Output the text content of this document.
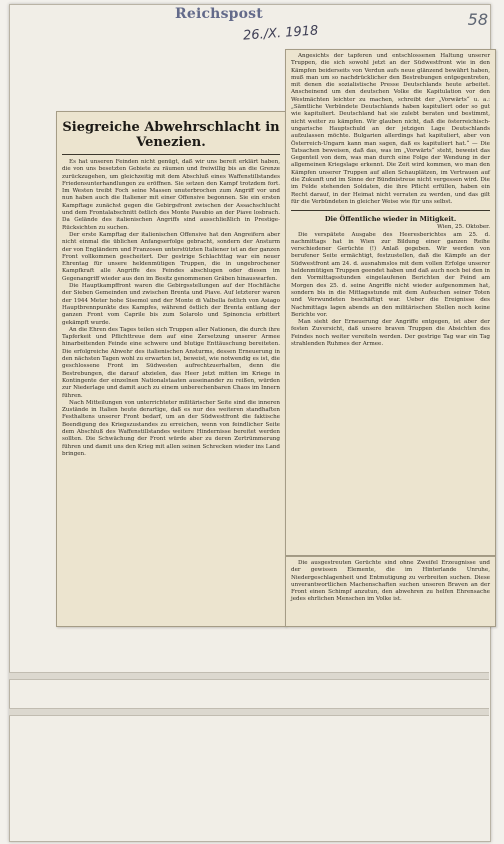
Reichspost
26./X. 1918
58
Siegreiche Abwehrschlacht in Venezien.

Es hat unseren Feinden nicht genügt, daß wir uns bereit erklärt haben, die von uns besetzten Gebiete zu räumen und freiwillig bis an die Grenze zurückzugehen, um gleichzeitig mit dem Abschluß eines Waffenstillstandes Friedensunterhandlungen zu eröffnen. Sie setzen den Kampf trotzdem fort. Im Westen treibt Foch seine Massen unuterbrochen zum Angriff vor und nun haben auch die Italiener mit einer Offensive begonnen. Sie ein ersten Kampftage zunächst gegen die Gebirgsfront zwischen der Assachschlucht und dem Frontalabschnitt östlich des Monte Pasubio an der Piave losbrach. Da Gelände des italienischen Angriffs sind ausschließlich in Prestige-Rücksichten zu suchen.

Der erste Kampftag der italienischen Offensive hat den Angreifern aber nicht einmal die üblichen Anfangserfolge gebracht, sondern der Ansturm der von Engländern und Franzosen unterstützten Italiener ist an der ganzen Front vollkommen gescheitert. Der gestrige Schlachttag war ein neuer Ehrentag für unsere heldenmütigen Truppen, die in ungebrochener Kampfkraft alle Angriffe des Feindes abschlugen oder diesen im Gegenangriff wieder aus den im Besitz genommenen Gräben hinauswarfen.

Die Hauptkampffront waren die Gebirgsstellungen auf der Hochfläche der Sieben Gemeinden und zwischen Brenta und Piave. Auf letzterer waren der 1944 Meter hohe Sisemol und der Monte di Valbella östlich von Asiago Hauptbrennpunkte des Kampfes, während östlich der Brenta entlang der ganzen Front vom Caprile bis zum Solarolo und Spinoncia erbittert gekämpft wurde.

An die Ehren des Tages teilen sich Truppen aller Nationen, die durch ihre Tapferkeit und Pflichttreue dem auf eine Zersetzung unserer Armee hinarbeitenden Feinde eine schwere und blutige Enttäuschung bereiteten. Die erfolgreiche Abwehr des italienischen Ansturms, dessen Erneuerung in den nächsten Tagen wohl zu erwarten ist, beweist, wie notwendig es ist, die geschlossene Front im Südwesten aufrechtzuerhalten, denn die Bestrebungen, die darauf abzielen, das Heer jetzt mitten im Kriege in Kontingente der einzelnen Nationalstaaten auseinander zu reißen, würden zur Niederlage und damit auch zu einem unberechenbaren Chaos im Innern führen.

Nach Mitteilungen von unterrichteter militärischer Seite sind die inneren Zustände in Italien heute derartige, daß es nur des weiteren standhaften Festhaltens unserer Front bedarf, um an der Südwestfront die faktische Beendigung des Kriegszustandes zu erreichen, wenn von feindlicher Seite dem Abschluß des Waffenstillstandes weitere Hindernisse bereitet werden sollten. Die Schwächung der Front würde aber zu deren Zertrümmerung führen und damit uns den Krieg mit allen seinen Schrecken wieder ins Land bringen.

Angesichts der tapferen und entschlossenen Haltung unserer Truppen, die sich sowohl jetzt an der Südwestfront wie in den Kämpfen beiderseits von Verdun aufs neue glänzend bewährt haben, muß man um so nachdrücklicher den Bestrebungen entgegentreten, mit denen die sozialistische Presse Deutschlands heute arbeitet. Anscheinend um den deutschen Volke die Kapitulation vor den Westmächten leichter zu machen, schreibt der „Vorwärts“ u. a.: „Sämtliche Verbündete Deutschlands haben kapituliert oder so gut wie kapituliert. Deutschland hat sie zulebt beraten und bestimmt, nicht weiter zu kämpfen. Wir glauben nicht, daß die österreichisch-ungarische Hauptschuld an der jetzigen Lage Deutschlands aufzulassen möchte. Bulgarien allerdings hat kapituliert, aber von Österreich-Ungarn kann man sagen, daß es kapituliert hat.“ — Die Tatsachen beweisen, daß das, was im „Vorwärts“ steht, beweist das Gegenteil von dem, was man durch eine Folge der Wendung in der allgemeinen Kriegslage erkennt. Die Zeit wird kommen, wo man den Kämpfen unserer Truppen auf allen Schauplätzen, im Vertrauen auf die Zukunft und im Sinne der Bündnistreue nicht vergessen wird. Die im Felde stehenden Soldaten, die ihre Pflicht erfüllen, haben ein Recht darauf, in der Heimat nicht verraten zu werden, und das gilt für die Verbündeten in gleicher Weise wie für uns selbst.

Die Öffentliche wieder in Mitigkeit.
Wien, 25. Oktober.

Die verspätete Ausgabe des Heeresberichtes am 25. d. nachmittags hat in Wien zur Bildung einer ganzen Reihe verschiedener Gerüchte (!) Anlaß gegeben. Wir werden von berufener Seite ermächtigt, festzustellen, daß die Kämpfe an der Südwestfront am 24. d. ausnahmslos mit dem vollen Erfolge unserer heldenmütigen Truppen geendet haben und daß auch noch bei den in den Vormittagsstunden eingelaufenen Berichten der Feind am Morgen des 25. d. seine Angriffe nicht wieder aufgenommen hat, sondern bis in die Mittagsstunde mit dem Aufsuchen seiner Toten und Verwundeten beschäftigt war. Ueber die Ereignisse des Nachmittags lagen abends an den militärischen Stellen noch keine Berichte vor.

Man sieht der Erneuerung der Angriffe entgegen, ist aber der festen Zuversicht, daß unsere braven Truppen die Absichten des Feindes noch weiter vereiteln werden. Der gestrige Tag war ein Tag strahlenden Ruhmes der Armee.

Die ausgestreuten Gerüchte sind ohne Zweifel Erzeugnisse und der gewissen Elemente, die im Hinterlande Unruhe, Niedergeschlagenheit und Entmutigung zu verbreiten suchen. Diese unverantwortlichen Machenschaften suchen unseren Braven an der Front einen Schimpf anzutun, den abwehren zu helfen Ehrensache jedes ehrlichen Menschen im Volke ist.
